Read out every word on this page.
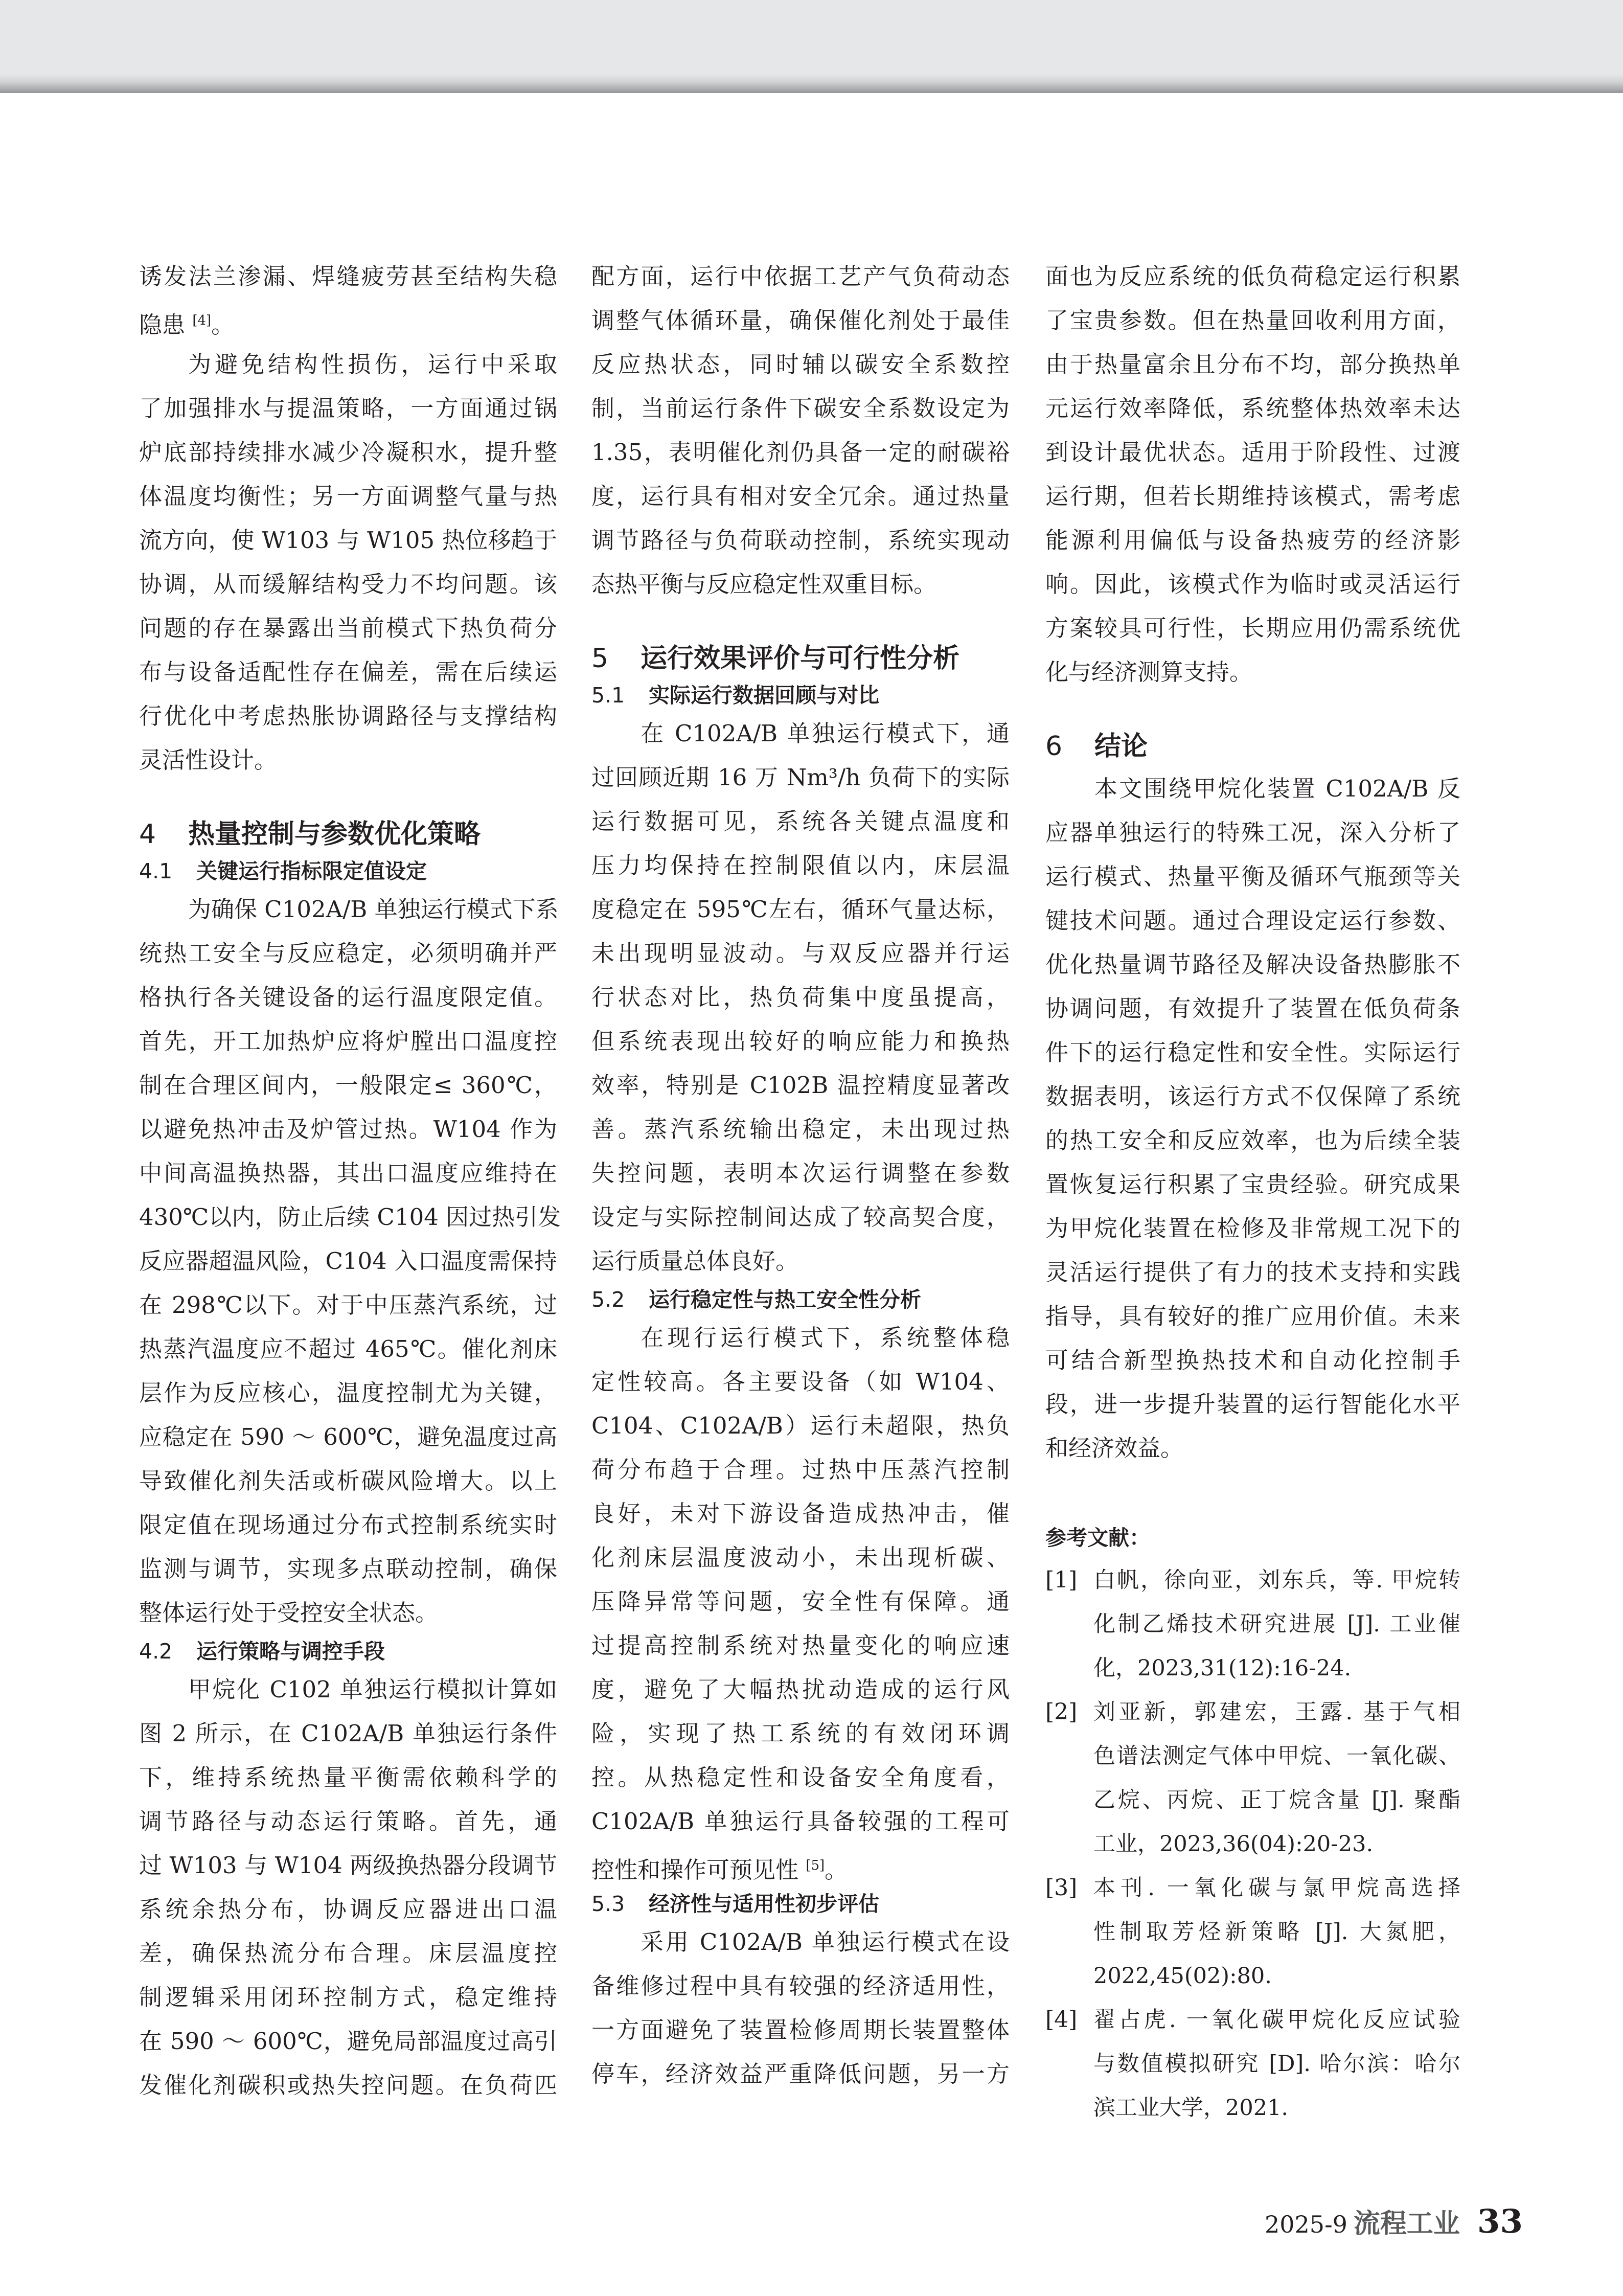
诱发法兰渗漏、焊缝疲劳甚至结构失稳
隐患 [4]。
为避免结构性损伤，运行中采取
了加强排水与提温策略，一方面通过锅
炉底部持续排水减少冷凝积水，提升整
体温度均衡性；另一方面调整气量与热
流方向，使 W103 与 W105 热位移趋于
协调，从而缓解结构受力不均问题。该
问题的存在暴露出当前模式下热负荷分
布与设备适配性存在偏差，需在后续运
行优化中考虑热胀协调路径与支撑结构
灵活性设计。
4 热量控制与参数优化策略
4.1 关键运行指标限定值设定
为确保 C102A/B 单独运行模式下系
统热工安全与反应稳定，必须明确并严
格执行各关键设备的运行温度限定值。
首先，开工加热炉应将炉膛出口温度控
制在合理区间内，一般限定≤ 360℃，
以避免热冲击及炉管过热。W104 作为
中间高温换热器，其出口温度应维持在
430℃以内，防止后续 C104 因过热引发
反应器超温风险，C104 入口温度需保持
在 298℃以下。对于中压蒸汽系统，过
热蒸汽温度应不超过 465℃。催化剂床
层作为反应核心，温度控制尤为关键，
应稳定在 590 ～ 600℃，避免温度过高
导致催化剂失活或析碳风险增大。以上
限定值在现场通过分布式控制系统实时
监测与调节，实现多点联动控制，确保
整体运行处于受控安全状态。
4.2 运行策略与调控手段
甲烷化 C102 单独运行模拟计算如
图 2 所示，在 C102A/B 单独运行条件
下，维持系统热量平衡需依赖科学的
调节路径与动态运行策略。首先，通
过 W103 与 W104 两级换热器分段调节
系统余热分布，协调反应器进出口温
差，确保热流分布合理。床层温度控
制逻辑采用闭环控制方式，稳定维持
在 590 ～ 600℃，避免局部温度过高引
发催化剂碳积或热失控问题。在负荷匹
配方面，运行中依据工艺产气负荷动态
调整气体循环量，确保催化剂处于最佳
反应热状态，同时辅以碳安全系数控
制，当前运行条件下碳安全系数设定为
1.35，表明催化剂仍具备一定的耐碳裕
度，运行具有相对安全冗余。通过热量
调节路径与负荷联动控制，系统实现动
态热平衡与反应稳定性双重目标。
5 运行效果评价与可行性分析
5.1 实际运行数据回顾与对比
在 C102A/B 单独运行模式下，通
过回顾近期 16 万 Nm³/h 负荷下的实际
运行数据可见，系统各关键点温度和
压力均保持在控制限值以内，床层温
度稳定在 595℃左右，循环气量达标，
未出现明显波动。与双反应器并行运
行状态对比，热负荷集中度虽提高，
但系统表现出较好的响应能力和换热
效率，特别是 C102B 温控精度显著改
善。蒸汽系统输出稳定，未出现过热
失控问题，表明本次运行调整在参数
设定与实际控制间达成了较高契合度，
运行质量总体良好。
5.2 运行稳定性与热工安全性分析
在现行运行模式下，系统整体稳
定性较高。各主要设备（如 W104、
C104、C102A/B）运行未超限，热负
荷分布趋于合理。过热中压蒸汽控制
良好，未对下游设备造成热冲击，催
化剂床层温度波动小，未出现析碳、
压降异常等问题，安全性有保障。通
过提高控制系统对热量变化的响应速
度，避免了大幅热扰动造成的运行风
险，实现了热工系统的有效闭环调
控。从热稳定性和设备安全角度看，
C102A/B 单独运行具备较强的工程可
控性和操作可预见性 [5]。
5.3 经济性与适用性初步评估
采用 C102A/B 单独运行模式在设
备维修过程中具有较强的经济适用性，
一方面避免了装置检修周期长装置整体
停车，经济效益严重降低问题，另一方
面也为反应系统的低负荷稳定运行积累
了宝贵参数。但在热量回收利用方面，
由于热量富余且分布不均，部分换热单
元运行效率降低，系统整体热效率未达
到设计最优状态。适用于阶段性、过渡
运行期，但若长期维持该模式，需考虑
能源利用偏低与设备热疲劳的经济影
响。因此，该模式作为临时或灵活运行
方案较具可行性，长期应用仍需系统优
化与经济测算支持。
6 结论
本文围绕甲烷化装置 C102A/B 反
应器单独运行的特殊工况，深入分析了
运行模式、热量平衡及循环气瓶颈等关
键技术问题。通过合理设定运行参数、
优化热量调节路径及解决设备热膨胀不
协调问题，有效提升了装置在低负荷条
件下的运行稳定性和安全性。实际运行
数据表明，该运行方式不仅保障了系统
的热工安全和反应效率，也为后续全装
置恢复运行积累了宝贵经验。研究成果
为甲烷化装置在检修及非常规工况下的
灵活运行提供了有力的技术支持和实践
指导，具有较好的推广应用价值。未来
可结合新型换热技术和自动化控制手
段，进一步提升装置的运行智能化水平
和经济效益。
参考文献：
[1] 白帆，徐向亚，刘东兵，等. 甲烷转
化制乙烯技术研究进展 [J]. 工业催
化，2023,31(12):16-24.
[2] 刘亚新，郭建宏，王露. 基于气相
色谱法测定气体中甲烷、一氧化碳、
乙烷、丙烷、正丁烷含量 [J]. 聚酯
工业，2023,36(04):20-23.
[3] 本刊. 一氧化碳与氯甲烷高选择
性制取芳烃新策略 [J]. 大氮肥，
2022,45(02):80.
[4] 翟占虎. 一氧化碳甲烷化反应试验
与数值模拟研究 [D]. 哈尔滨：哈尔
滨工业大学，2021.
2025-9 流程工业 33
